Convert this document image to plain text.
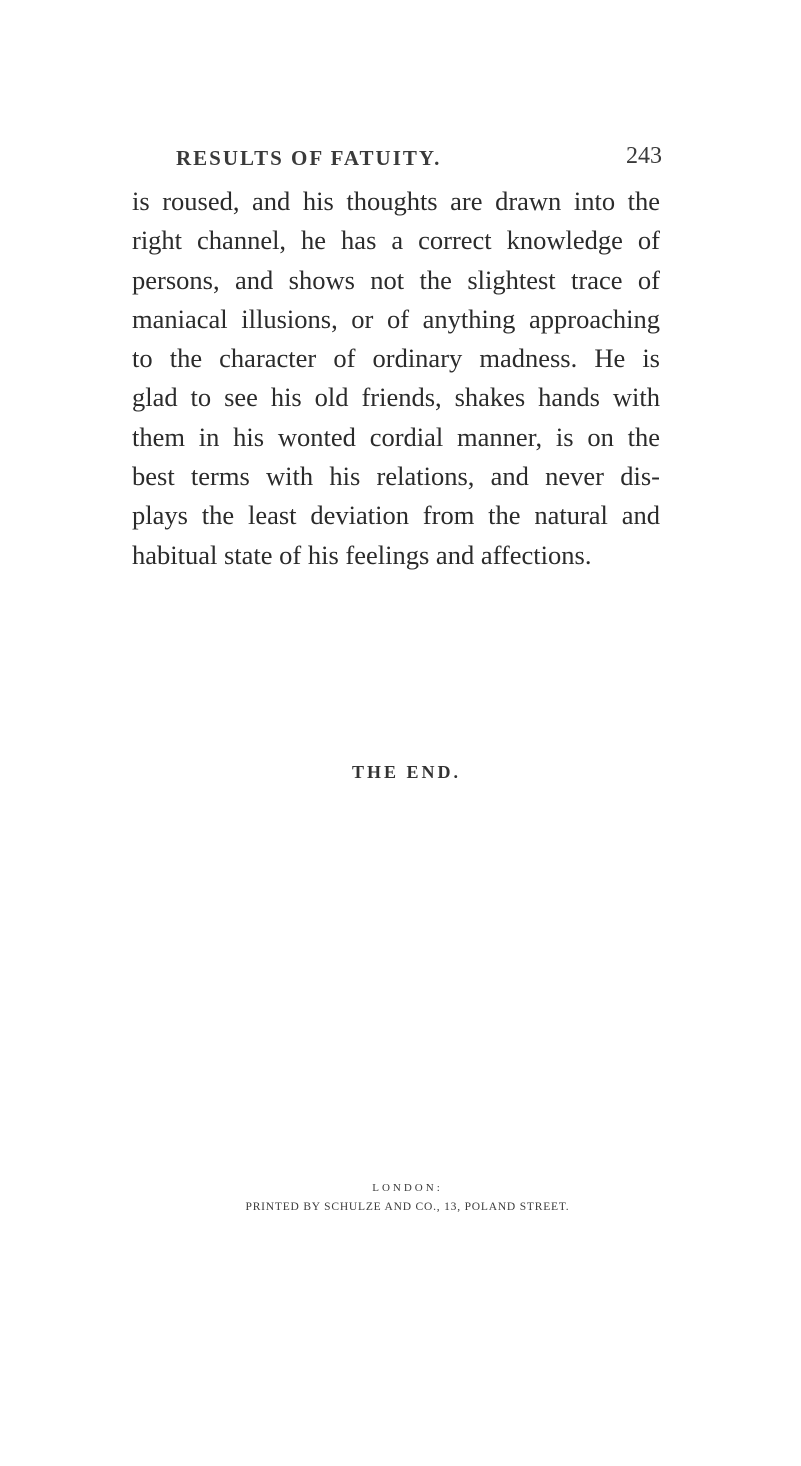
RESULTS OF FATUITY.	243
is roused, and his thoughts are drawn into the
right channel, he has a correct knowledge of
persons, and shows not the slightest trace of
maniacal illusions, or of anything approaching
to the character of ordinary madness. He is
glad to see his old friends, shakes hands with
them in his wonted cordial manner, is on the
best terms with his relations, and never dis-
plays the least deviation from the natural and
habitual state of his feelings and affections.
THE END.
LONDON:
PRINTED BY SCHULZE AND CO., 13, POLAND STREET.
